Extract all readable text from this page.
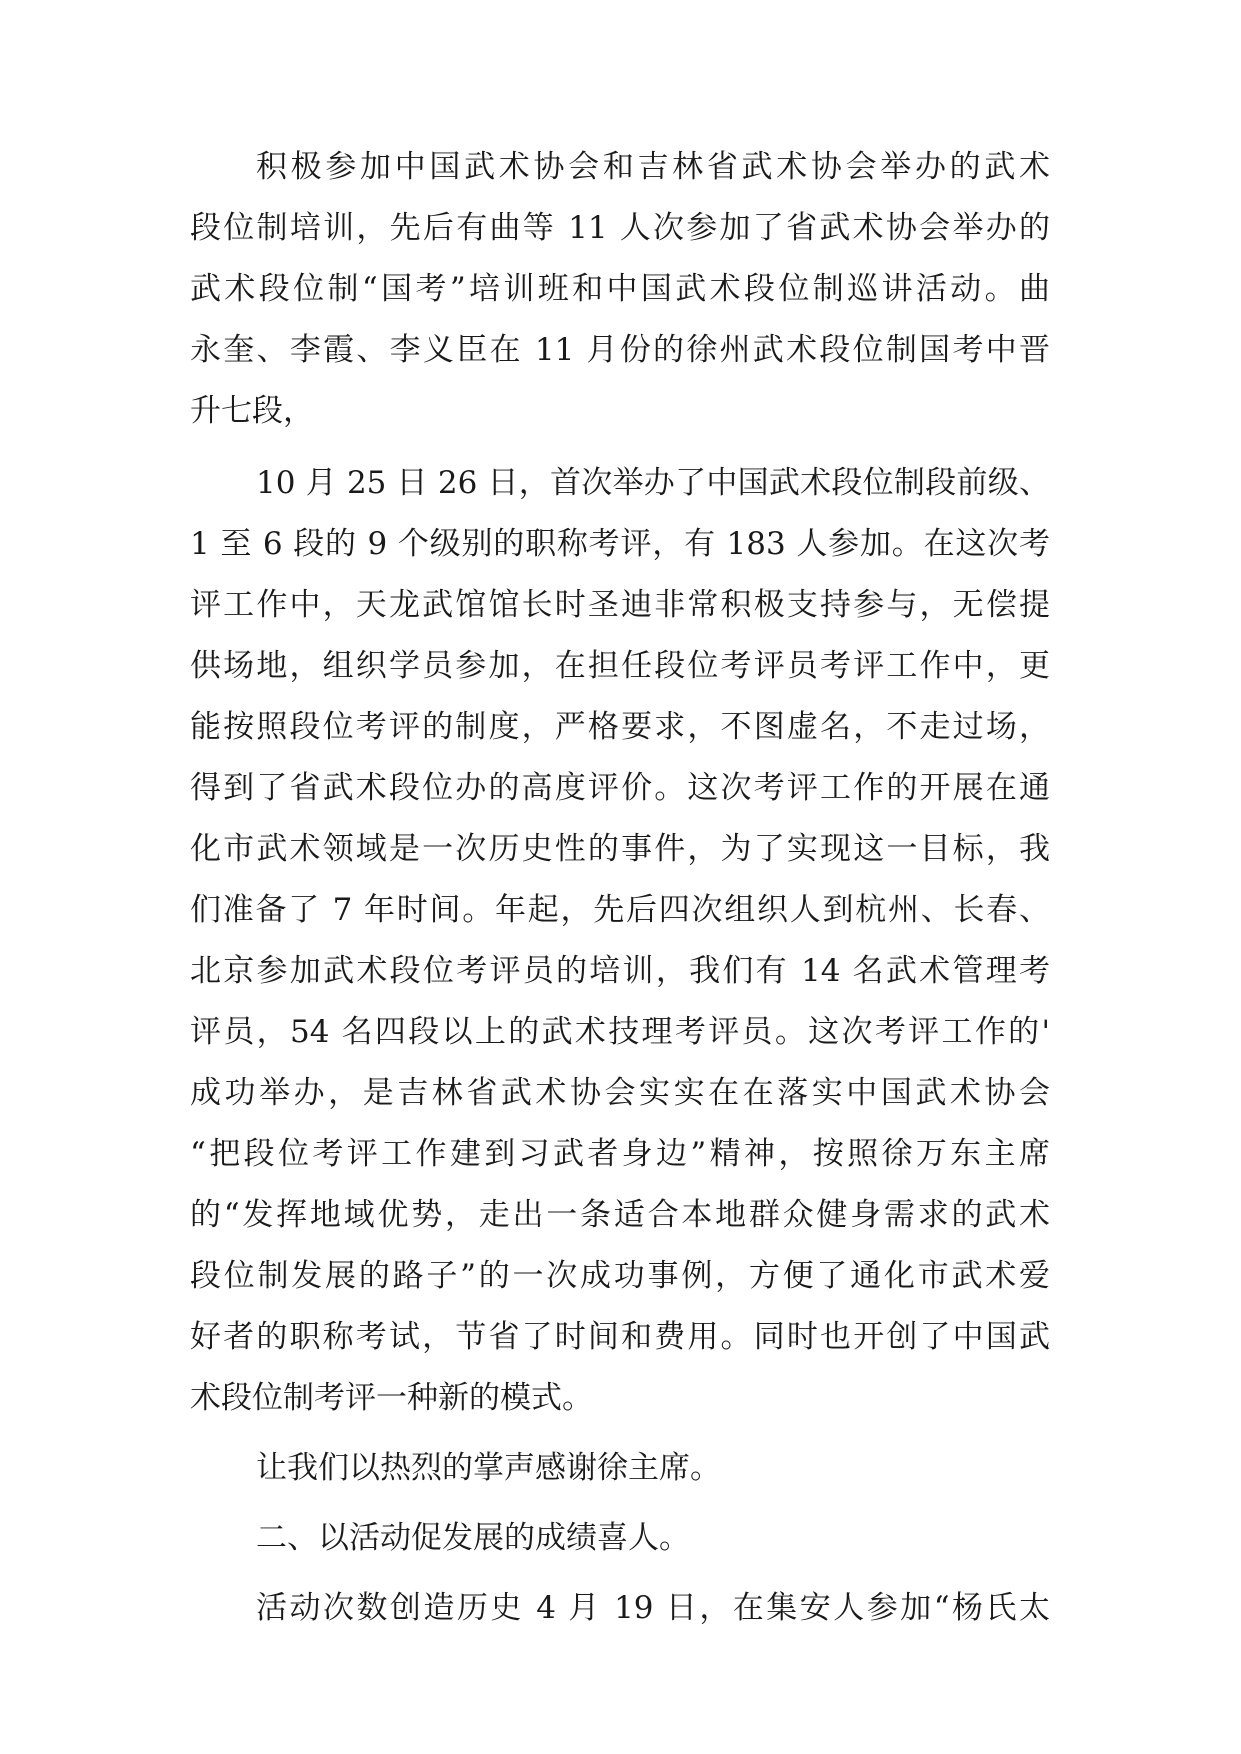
积极参加中国武术协会和吉林省武术协会举办的武术
段位制培训，先后有曲等 11 人次参加了省武术协会举办的
武术段位制“国考”培训班和中国武术段位制巡讲活动。曲
永奎、李霞、李义臣在 11 月份的徐州武术段位制国考中晋
升七段，
10 月 25 日 26 日，首次举办了中国武术段位制段前级、
1 至 6 段的 9 个级别的职称考评，有 183 人参加。在这次考
评工作中，天龙武馆馆长时圣迪非常积极支持参与，无偿提
供场地，组织学员参加，在担任段位考评员考评工作中，更
能按照段位考评的制度，严格要求，不图虚名，不走过场，
得到了省武术段位办的高度评价。这次考评工作的开展在通
化市武术领域是一次历史性的事件，为了实现这一目标，我
们准备了 7 年时间。年起，先后四次组织人到杭州、长春、
北京参加武术段位考评员的培训，我们有 14 名武术管理考
评员，54 名四段以上的武术技理考评员。这次考评工作的'
成功举办，是吉林省武术协会实实在在落实中国武术协会
“把段位考评工作建到习武者身边”精神，按照徐万东主席
的“发挥地域优势，走出一条适合本地群众健身需求的武术
段位制发展的路子”的一次成功事例，方便了通化市武术爱
好者的职称考试，节省了时间和费用。同时也开创了中国武
术段位制考评一种新的模式。
让我们以热烈的掌声感谢徐主席。
二、以活动促发展的成绩喜人。
活动次数创造历史 4 月 19 日，在集安人参加“杨氏太
